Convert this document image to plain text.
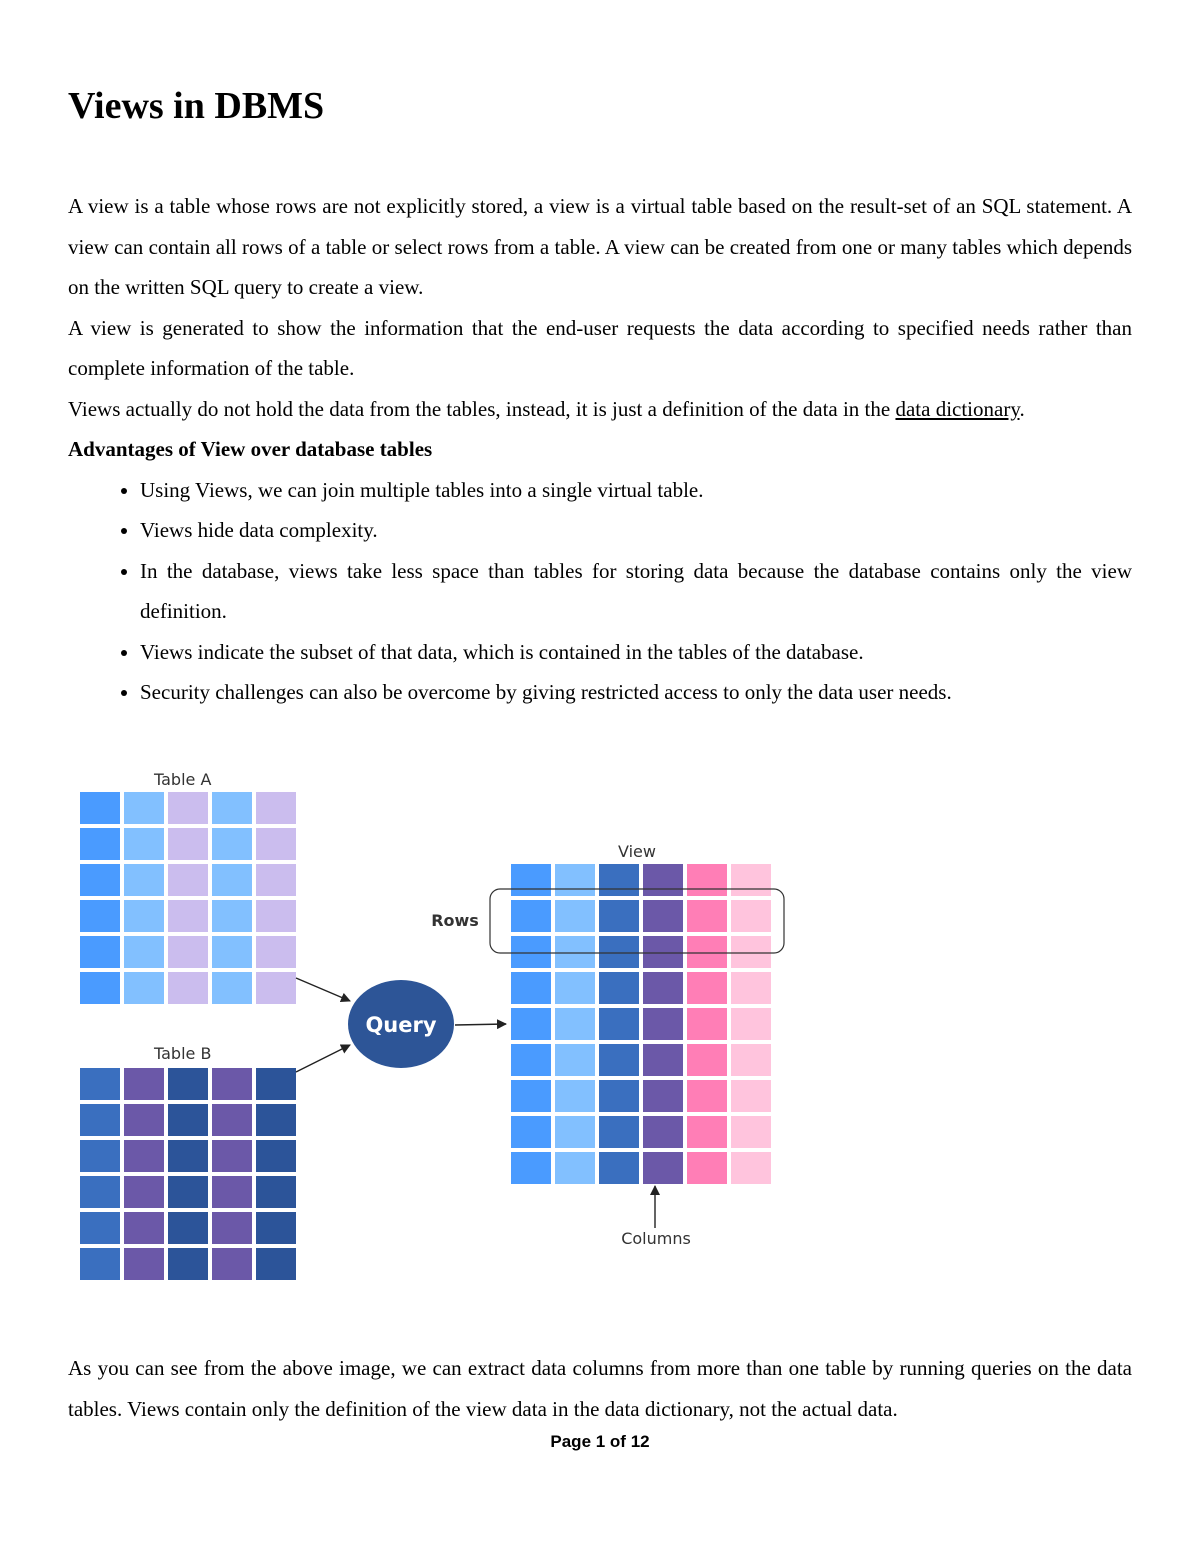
Views in DBMS

A view is a table whose rows are not explicitly stored, a view is a virtual table based on the result-set of an SQL statement. A view can contain all rows of a table or select rows from a table. A view can be created from one or many tables which depends on the written SQL query to create a view.

A view is generated to show the information that the end-user requests the data according to specified needs rather than complete information of the table.

Views actually do not hold the data from the tables, instead, it is just a definition of the data in the data dictionary.

Advantages of View over database tables

• Using Views, we can join multiple tables into a single virtual table.
• Views hide data complexity.
• In the database, views take less space than tables for storing data because the database contains only the view definition.
• Views indicate the subset of that data, which is contained in the tables of the database.
• Security challenges can also be overcome by giving restricted access to only the data user needs.
Table A
Table B
Query
View
Rows
Columns

As you can see from the above image, we can extract data columns from more than one table by running queries on the data tables. Views contain only the definition of the view data in the data dictionary, not the actual data.

Page 1 of 12
